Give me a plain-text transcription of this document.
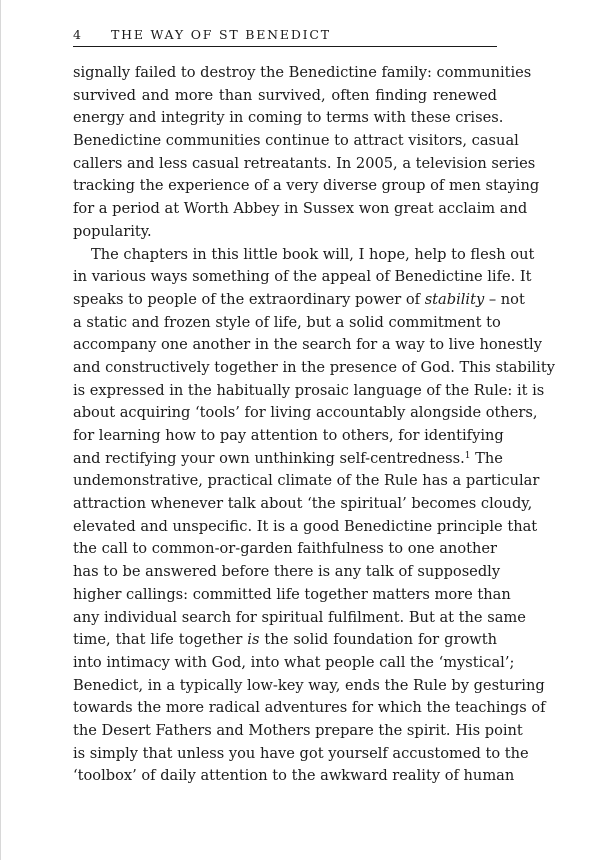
4 THE WAY OF ST BENEDICT
signally failed to destroy the Benedictine family: communities
survived and more than survived, often finding renewed
energy and integrity in coming to terms with these crises.
Benedictine communities continue to attract visitors, casual
callers and less casual retreatants. In 2005, a television series
tracking the experience of a very diverse group of men staying
for a period at Worth Abbey in Sussex won great acclaim and
popularity.
The chapters in this little book will, I hope, help to flesh out
in various ways something of the appeal of Benedictine life. It
speaks to people of the extraordinary power of stability – not
a static and frozen style of life, but a solid commitment to
accompany one another in the search for a way to live honestly
and constructively together in the presence of God. This stability
is expressed in the habitually prosaic language of the Rule: it is
about acquiring ‘tools’ for living accountably alongside others,
for learning how to pay attention to others, for identifying
and rectifying your own unthinking self-centredness.$^1$ The
undemonstrative, practical climate of the Rule has a particular
attraction whenever talk about ‘the spiritual’ becomes cloudy,
elevated and unspecific. It is a good Benedictine principle that
the call to common-or-garden faithfulness to one another
has to be answered before there is any talk of supposedly
higher callings: committed life together matters more than
any individual search for spiritual fulfilment. But at the same
time, that life together is the solid foundation for growth
into intimacy with God, into what people call the ‘mystical’;
Benedict, in a typically low-key way, ends the Rule by gesturing
towards the more radical adventures for which the teachings of
the Desert Fathers and Mothers prepare the spirit. His point
is simply that unless you have got yourself accustomed to the
‘toolbox’ of daily attention to the awkward reality of human
